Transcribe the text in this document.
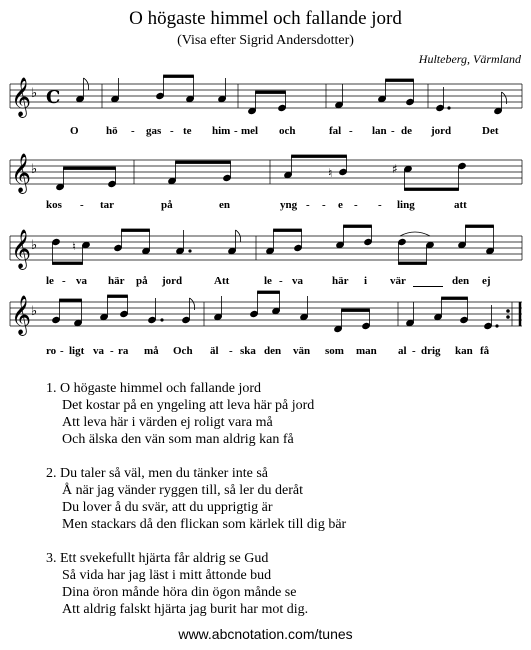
O högaste himmel och fallande jord
(Visa efter Sigrid Andersdotter)
Hulteberg, Värmland
𝄞 ♭ C
𝄞 ♭
𝄞 ♭
𝄞 ♭
♮	♯
♮
O hö - gas - te him - mel och	fal - lan - de jord	Det
kos - tar	på	en	yng - - e - - ling	att
le - va här på jord	Att	le - va	här i vär	den ej
ro - ligt va - ra må Och äl - ska den vän som man al - drig kan få
1. O högaste himmel och fallande jord
Det kostar på en yngeling att leva här på jord
Att leva här i värden ej roligt vara må
Och älska den vän som man aldrig kan få
2. Du taler så väl, men du tänker inte så
Å när jag vänder ryggen till, så ler du deråt
Du lover å du svär, att du upprigtig är
Men stackars då den flickan som kärlek till dig bär
3. Ett svekefullt hjärta får aldrig se Gud
Så vida har jag läst i mitt åttonde bud
Dina öron månde höra din ögon månde se
Att aldrig falskt hjärta jag burit har mot dig.
www.abcnotation.com/tunes
